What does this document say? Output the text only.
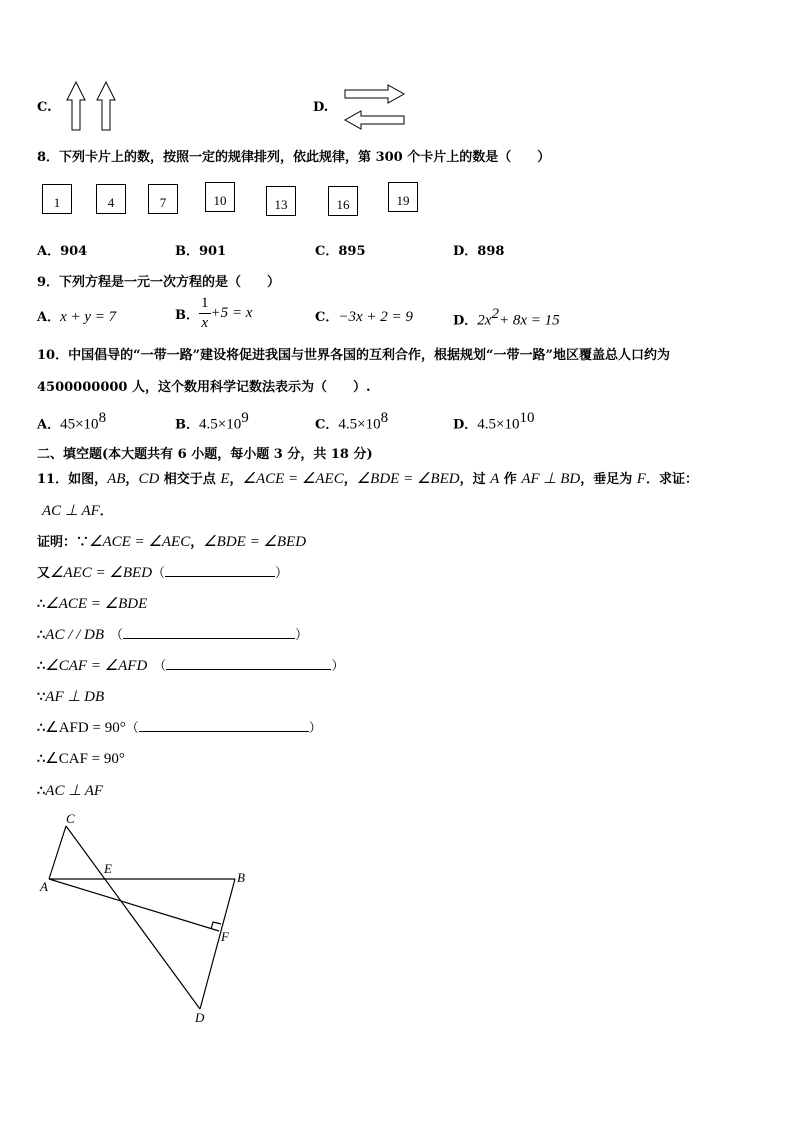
C.	D.
8．下列卡片上的数，按照一定的规律排列，依此规律，第 300 个卡片上的数是（　　）
1	4	7	10	13	16	19
A．904	B．901	C．895	D．898
9．下列方程是一元一次方程的是（　　）
A．x + y = 7	B． $\frac{1}{x} +5 = x$	C．−3x + 2 = 9	D．$2x^2+ 8x = 15$
10．中国倡导的“一带一路”建设将促进我国与世界各国的互利合作，根据规划“一带一路”地区覆盖总人口约为
4500000000 人，这个数用科学记数法表示为（　　）.
A．$45\times 10^8$	B．$4.5\times 10^9$	C．$4.5\times 10^8$	D．$4.5\times 10^{10}$
二、填空题(本大题共有 6 小题，每小题 3 分，共 18 分)
11．如图，AB，CD 相交于点 E，∠ACE = ∠AEC，∠BDE = ∠BED，过 A 作 AF ⊥ BD，垂足为 F．求证：
AC ⊥ AF．
证明：∵∠ACE = ∠AEC，∠BDE = ∠BED
又∠AEC = ∠BED（	）
∴∠ACE = ∠BDE
∴AC / / DB （	）
∴∠CAF = ∠AFD （	）
∵AF ⊥ DB
∴∠AFD = 90°（	）
∴∠CAF = 90°
∴AC ⊥ AF
C
E
A
B
F
D
